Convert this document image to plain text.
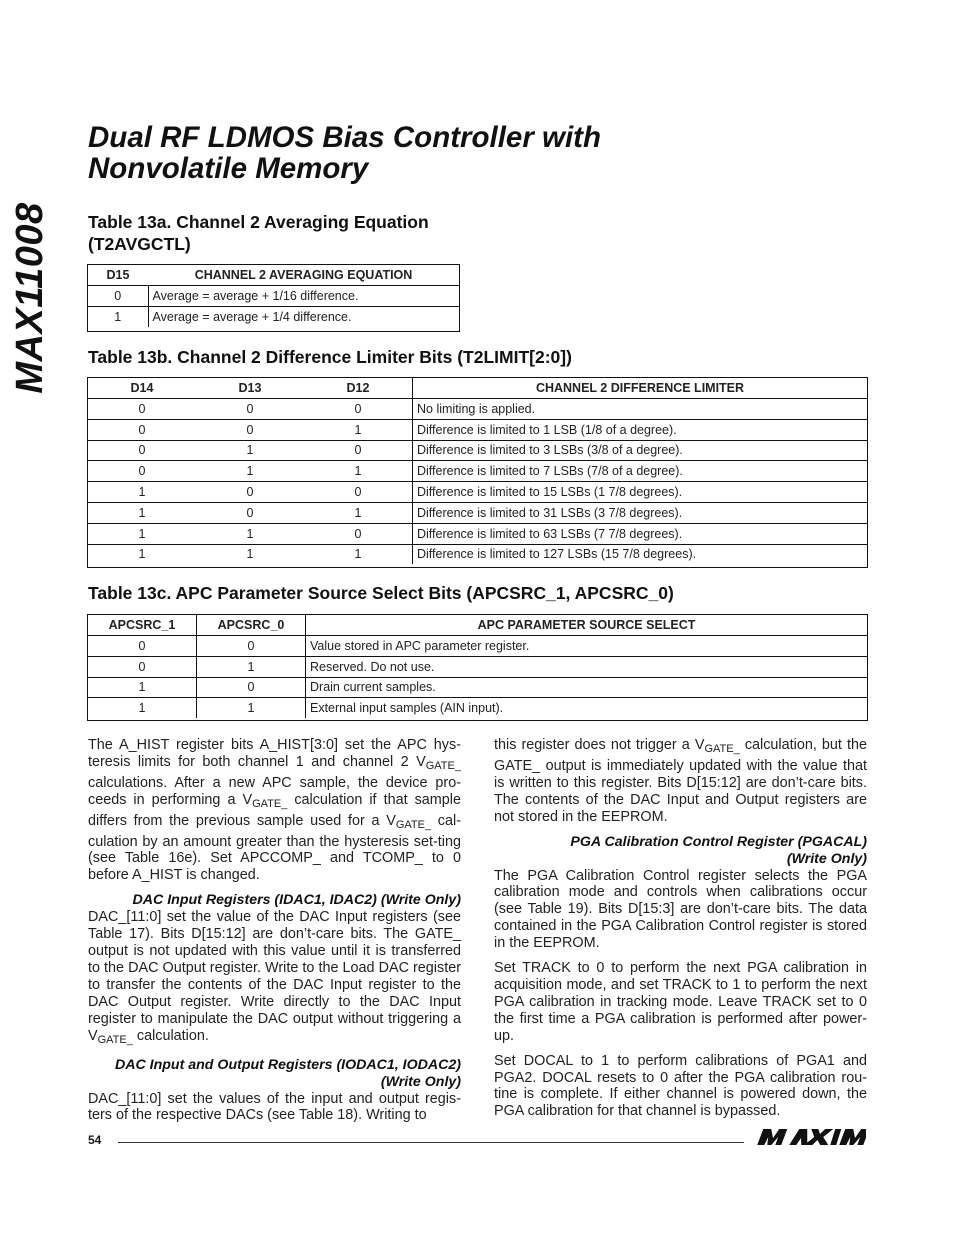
MAX11008
Dual RF LDMOS Bias Controller with
Nonvolatile Memory
Table 13a. Channel 2 Averaging Equation
(T2AVGCTL)
D15	CHANNEL 2 AVERAGING EQUATION
0	Average = average + 1/16 difference.
1	Average = average + 1/4 difference.
Table 13b. Channel 2 Difference Limiter Bits (T2LIMIT[2:0])
D14	D13	D12	CHANNEL 2 DIFFERENCE LIMITER
0	0	0	No limiting is applied.
0	0	1	Difference is limited to 1 LSB (1/8 of a degree).
0	1	0	Difference is limited to 3 LSBs (3/8 of a degree).
0	1	1	Difference is limited to 7 LSBs (7/8 of a degree).
1	0	0	Difference is limited to 15 LSBs (1 7/8 degrees).
1	0	1	Difference is limited to 31 LSBs (3 7/8 degrees).
1	1	0	Difference is limited to 63 LSBs (7 7/8 degrees).
1	1	1	Difference is limited to 127 LSBs (15 7/8 degrees).
Table 13c. APC Parameter Source Select Bits (APCSRC_1, APCSRC_0)
APCSRC_1	APCSRC_0	APC PARAMETER SOURCE SELECT
0	0	Value stored in APC parameter register.
0	1	Reserved. Do not use.
1	0	Drain current samples.
1	1	External input samples (AIN input).

The A_HIST register bits A_HIST[3:0] set the APC hys-teresis limits for both channel 1 and channel 2 $V_{GATE\_}$ calculations. After a new APC sample, the device pro-ceeds in performing a $V_{GATE\_}$ calculation if that sample differs from the previous sample used for a $V_{GATE\_}$ cal-culation by an amount greater than the hysteresis set-ting (see Table 16e). Set APCCOMP_ and TCOMP_ to 0 before A_HIST is changed.

DAC Input Registers (IDAC1, IDAC2) (Write Only)

DAC_[11:0] set the value of the DAC Input registers (see Table 17). Bits D[15:12] are don’t-care bits. The GATE_ output is not updated with this value until it is transferred to the DAC Output register. Write to the Load DAC register to transfer the contents of the DAC Input register to the DAC Output register. Write directly to the DAC Input register to manipulate the DAC output without triggering a $V_{GATE\_}$ calculation.

DAC Input and Output Registers (IODAC1, IODAC2)
(Write Only)

DAC_[11:0] set the values of the input and output regis-ters of the respective DACs (see Table 18). Writing to

this register does not trigger a $V_{GATE\_}$ calculation, but the GATE_ output is immediately updated with the value that is written to this register. Bits D[15:12] are don’t-care bits. The contents of the DAC Input and Output registers are not stored in the EEPROM.

PGA Calibration Control Register (PGACAL)
(Write Only)

The PGA Calibration Control register selects the PGA calibration mode and controls when calibrations occur (see Table 19). Bits D[15:3] are don’t-care bits. The data contained in the PGA Calibration Control register is stored in the EEPROM.

Set TRACK to 0 to perform the next PGA calibration in acquisition mode, and set TRACK to 1 to perform the next PGA calibration in tracking mode. Leave TRACK set to 0 the first time a PGA calibration is performed after power-up.

Set DOCAL to 1 to perform calibrations of PGA1 and PGA2. DOCAL resets to 0 after the PGA calibration rou-tine is complete. If either channel is powered down, the PGA calibration for that channel is bypassed.

54
